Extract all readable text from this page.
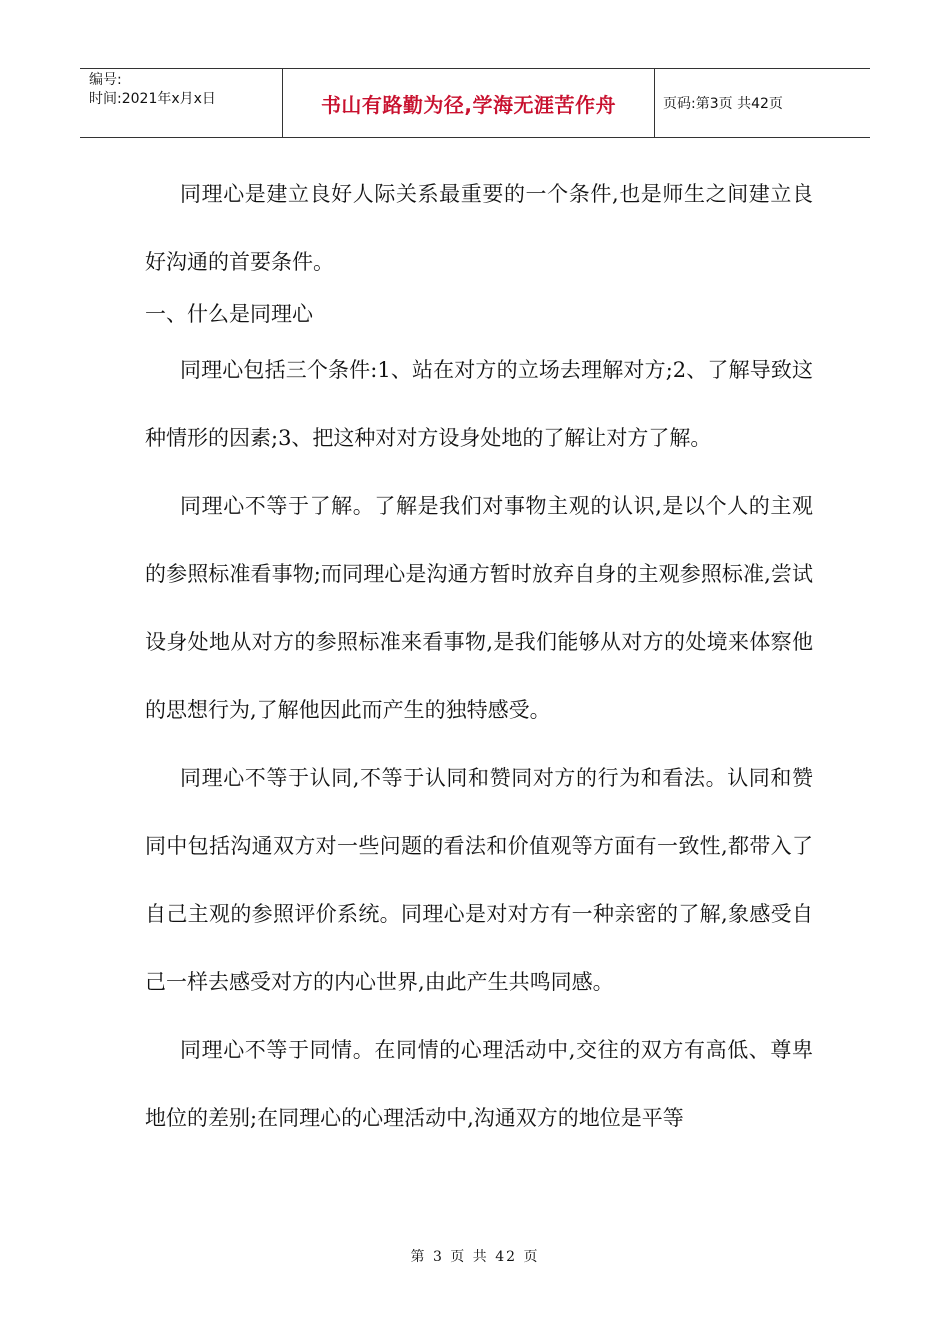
编号:
时间:2021年x月x日	书山有路勤为径,学海无涯苦作舟	页码:第3页 共42页

同理心是建立良好人际关系最重要的一个条件,也是师生之间建立良好沟通的首要条件。

一、什么是同理心

同理心包括三个条件:1、站在对方的立场去理解对方;2、了解导致这种情形的因素;3、把这种对对方设身处地的了解让对方了解。

同理心不等于了解。了解是我们对事物主观的认识,是以个人的主观的参照标准看事物;而同理心是沟通方暂时放弃自身的主观参照标准,尝试设身处地从对方的参照标准来看事物,是我们能够从对方的处境来体察他的思想行为,了解他因此而产生的独特感受。

同理心不等于认同,不等于认同和赞同对方的行为和看法。认同和赞同中包括沟通双方对一些问题的看法和价值观等方面有一致性,都带入了自己主观的参照评价系统。同理心是对对方有一种亲密的了解,象感受自己一样去感受对方的内心世界,由此产生共鸣同感。

同理心不等于同情。在同情的心理活动中,交往的双方有高低、尊卑地位的差别;在同理心的心理活动中,沟通双方的地位是平等

第 3 页 共 42 页
